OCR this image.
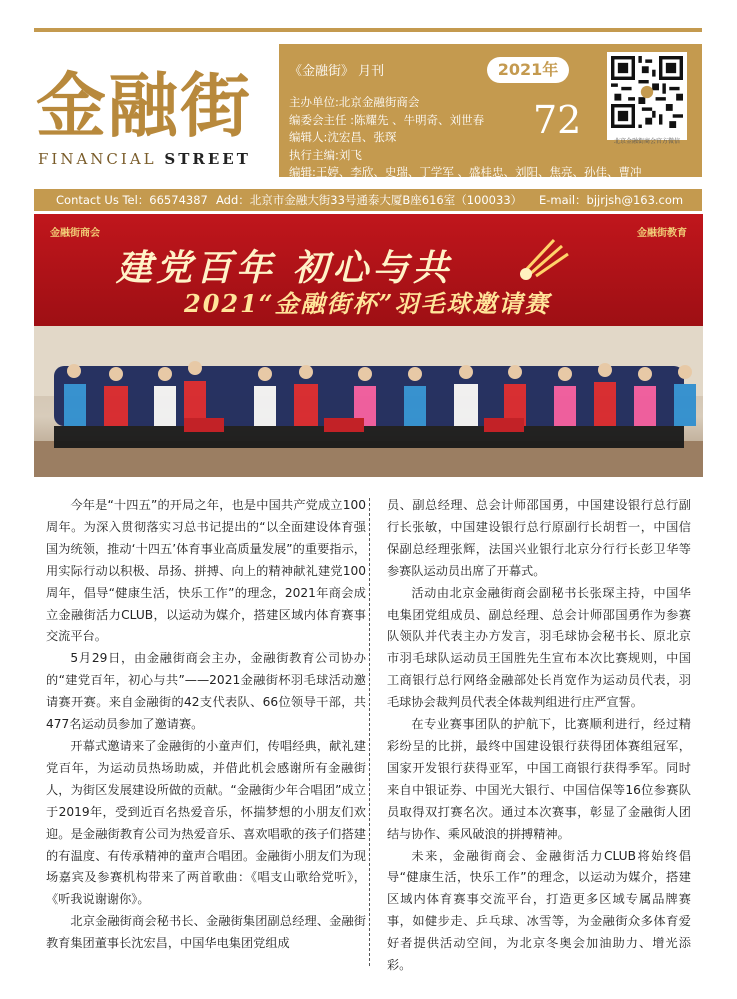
金融街
FINANCIAL STREET
《金融街》 月刊	2021年
72
主办单位:北京金融街商会
编委会主任 :陈耀先 、牛明奇、刘世春
编辑人:沈宏昌、张琛
执行主编:刘飞
编辑:王婷、李欣、史瑞、丁学军 、盛桂忠、刘阳、焦亮、孙佳、曹冲
北京金融街商会官方微信
Contact Us Tel：66574387 Add：北京市金融大街33号通泰大厦B座616室（100033） E-mail：bjjrjsh@163.com
金融街商会	金融街教育
建党百年 初心与共
2021“金融街杯”羽毛球邀请赛

今年是“十四五”的开局之年，也是中国共产党成立100周年。为深入贯彻落实习总书记提出的“以全面建设体育强国为统领，推动‘十四五’体育事业高质量发展”的重要指示，用实际行动以积极、昂扬、拼搏、向上的精神献礼建党100周年，倡导“健康生活，快乐工作”的理念，2021年商会成立金融街活力CLUB，以运动为媒介，搭建区域内体育赛事交流平台。

5月29日，由金融街商会主办，金融街教育公司协办的“建党百年，初心与共”——2021金融街杯羽毛球活动邀请赛开赛。来自金融街的42支代表队、66位领导干部，共477名运动员参加了邀请赛。

开幕式邀请来了金融街的小童声们，传唱经典，献礼建党百年，为运动员热场助威，并借此机会感谢所有金融街人，为街区发展建设所做的贡献。“金融街少年合唱团”成立于2019年，受到近百名热爱音乐，怀揣梦想的小朋友们欢迎。是金融街教育公司为热爱音乐、喜欢唱歌的孩子们搭建的有温度、有传承精神的童声合唱团。金融街小朋友们为现场嘉宾及参赛机构带来了两首歌曲：《唱支山歌给党听》，《听我说谢谢你》。

北京金融街商会秘书长、金融街集团副总经理、金融街教育集团董事长沈宏昌，中国华电集团党组成

员、副总经理、总会计师邵国勇，中国建设银行总行副行长张敏，中国建设银行总行原副行长胡哲一，中国信保副总经理张辉，法国兴业银行北京分行行长彭卫华等参赛队运动员出席了开幕式。

活动由北京金融街商会副秘书长张琛主持，中国华电集团党组成员、副总经理、总会计师邵国勇作为参赛队领队并代表主办方发言，羽毛球协会秘书长、原北京市羽毛球队运动员王国胜先生宣布本次比赛规则，中国工商银行总行网络金融部处长肖宽作为运动员代表，羽毛球协会裁判员代表全体裁判组进行庄严宣誓。

在专业赛事团队的护航下，比赛顺利进行，经过精彩纷呈的比拼，最终中国建设银行获得团体赛组冠军，国家开发银行获得亚军，中国工商银行获得季军。同时来自中银证券、中国光大银行、中国信保等16位参赛队员取得双打赛名次。通过本次赛事，彰显了金融街人团结与协作、乘风破浪的拼搏精神。

未来，金融街商会、金融街活力CLUB将始终倡导“健康生活，快乐工作”的理念，以运动为媒介，搭建区域内体育赛事交流平台，打造更多区域专属品牌赛事，如健步走、乒乓球、冰雪等，为金融街众多体育爱好者提供活动空间，为北京冬奥会加油助力、增光添彩。
